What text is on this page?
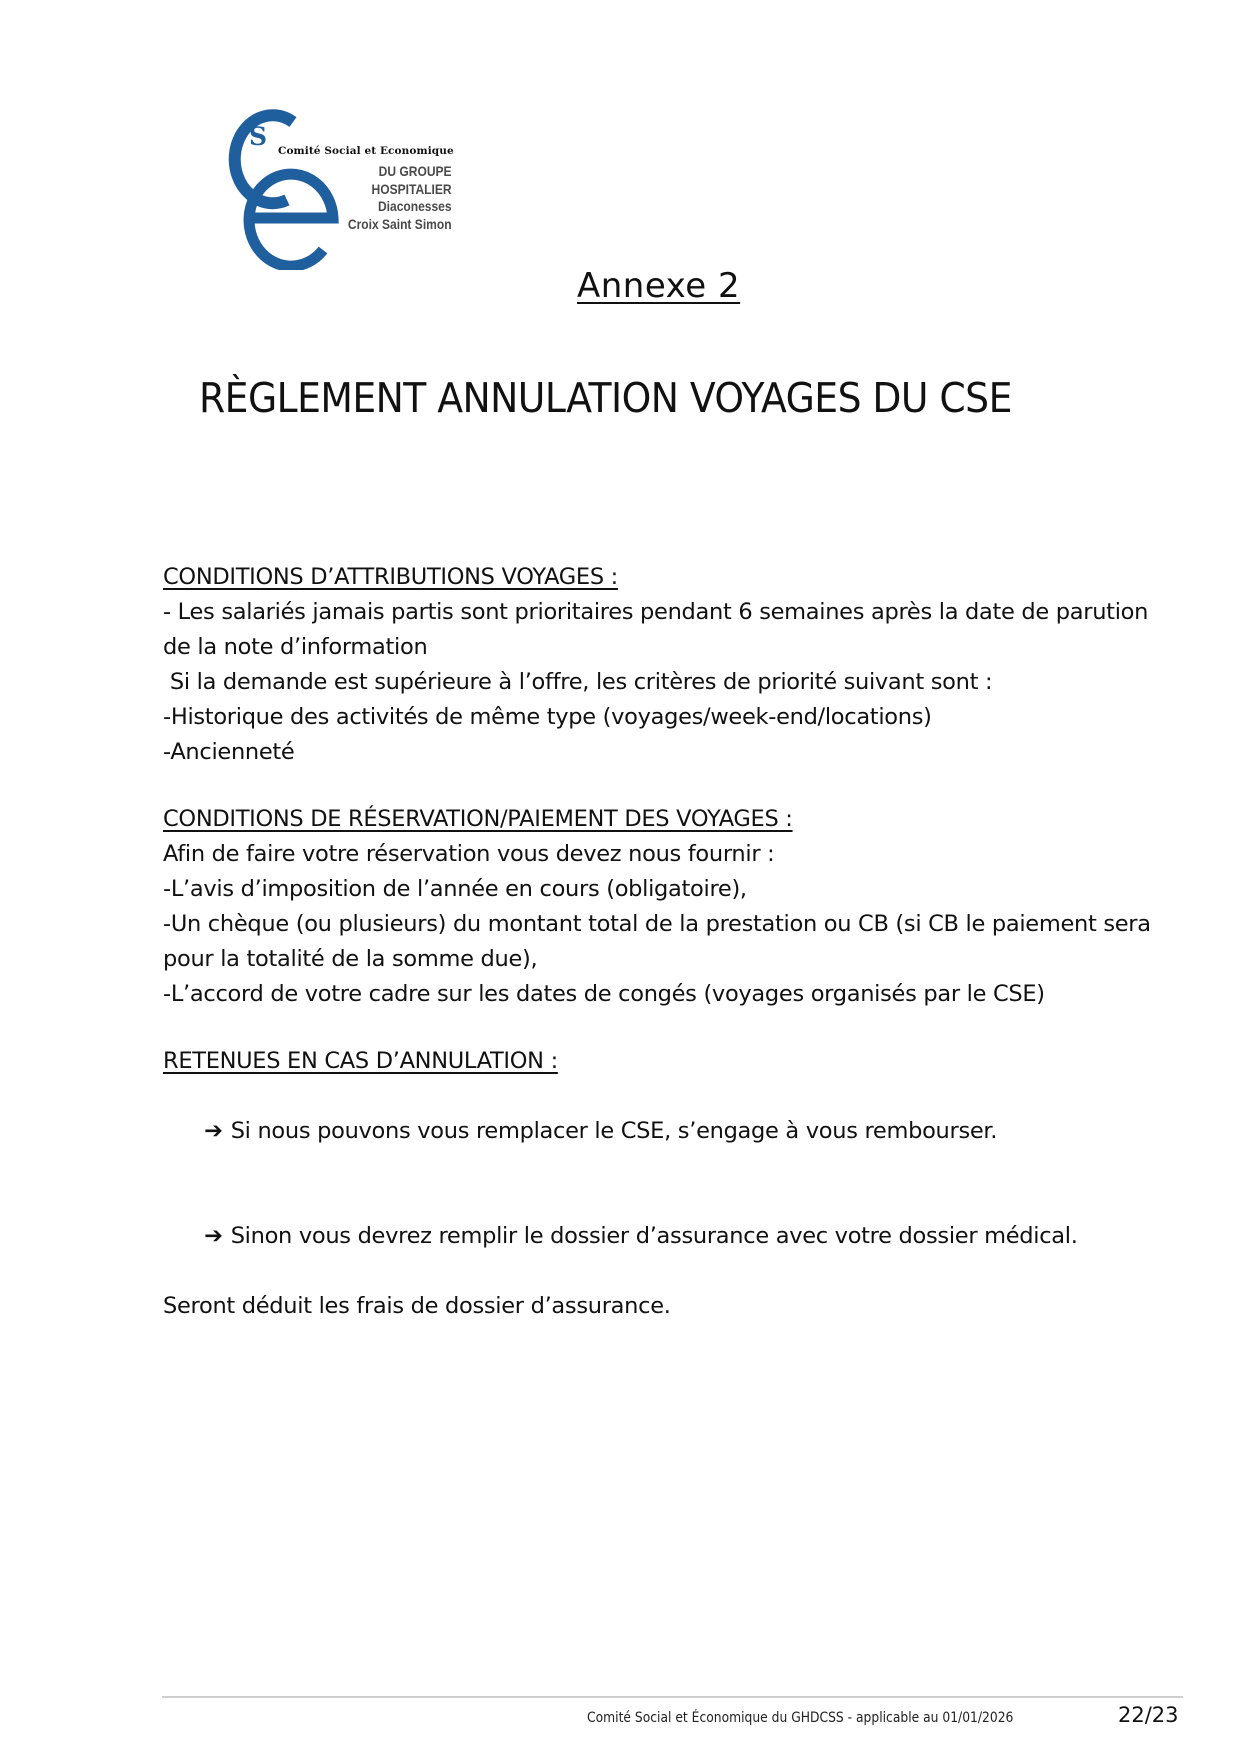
S Comité Social et Economique
DU GROUPE
HOSPITALIER
Diaconesses
Croix Saint Simon
Annexe 2
RÈGLEMENT ANNULATION VOYAGES DU CSE
CONDITIONS D’ATTRIBUTIONS VOYAGES :
- Les salariés jamais partis sont prioritaires pendant 6 semaines après la date de parution de la note d’information
Si la demande est supérieure à l’offre, les critères de priorité suivant sont :
-Historique des activités de même type (voyages/week-end/locations)
-Ancienneté
CONDITIONS DE RÉSERVATION/PAIEMENT DES VOYAGES :
Afin de faire votre réservation vous devez nous fournir :
-L’avis d’imposition de l’année en cours (obligatoire),
-Un chèque (ou plusieurs) du montant total de la prestation ou CB (si CB le paiement sera pour la totalité de la somme due),
-L’accord de votre cadre sur les dates de congés (voyages organisés par le CSE)
RETENUES EN CAS D’ANNULATION :

➔ Si nous pouvons vous remplacer le CSE, s’engage à vous rembourser.

➔ Sinon vous devrez remplir le dossier d’assurance avec votre dossier médical.

Seront déduit les frais de dossier d’assurance.
Comité Social et Économique du GHDCSS - applicable au 01/01/2026	22/23
